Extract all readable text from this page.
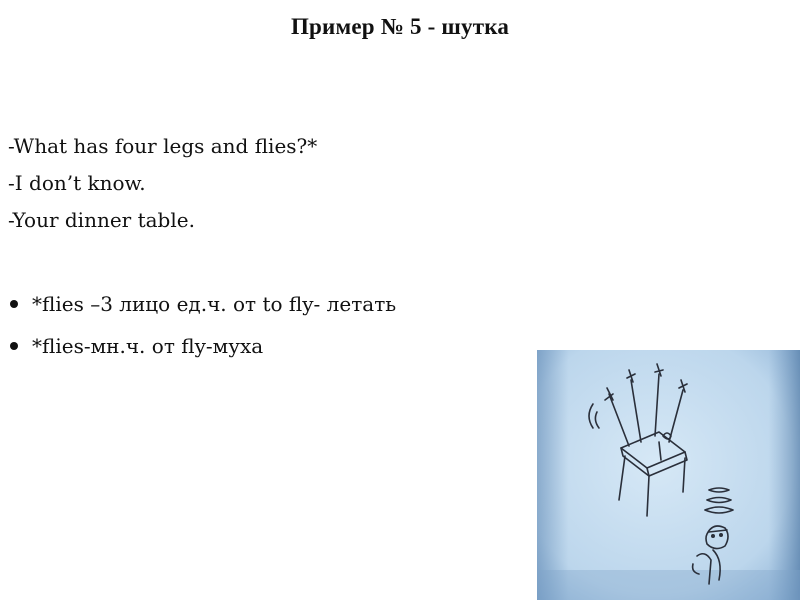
Пример № 5 - шутка
-What has four legs and flies?*
-I don’t know.
-Your dinner table.
*flies –3 лицо ед.ч. от to fly- летать
*flies-мн.ч. от fly-муха
